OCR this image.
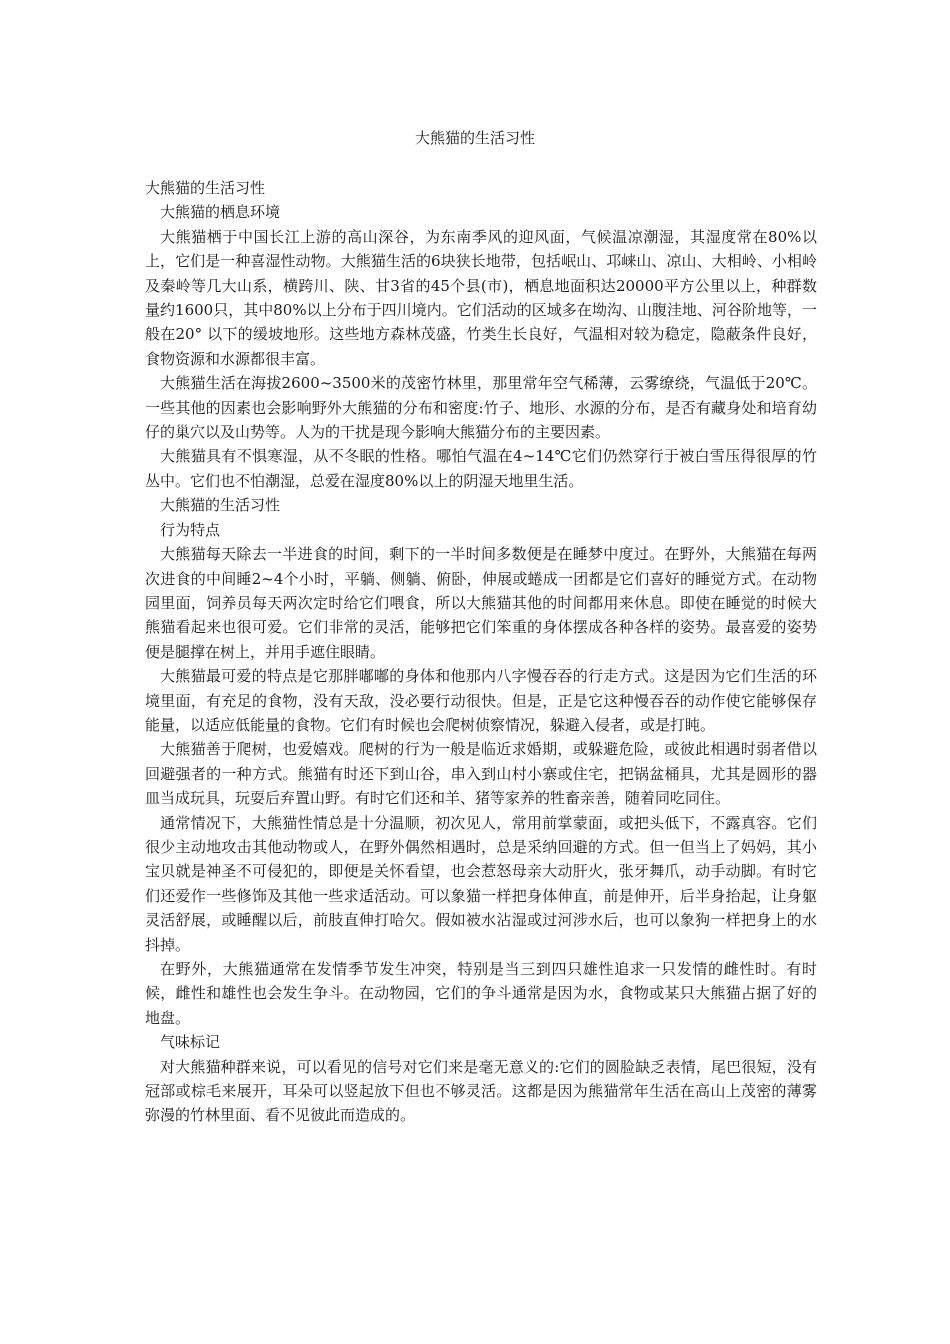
大熊猫的生活习性
大熊猫的生活习性
大熊猫的栖息环境

大熊猫栖于中国长江上游的高山深谷，为东南季风的迎风面，气候温凉潮湿，其湿度常在80%以上，它们是一种喜湿性动物。大熊猫生活的6块狭长地带，包括岷山、邛崃山、凉山、大相岭、小相岭及秦岭等几大山系，横跨川、陕、甘3省的45个县(市)，栖息地面积达20000平方公里以上，种群数量约1600只，其中80%以上分布于四川境内。它们活动的区域多在坳沟、山腹洼地、河谷阶地等，一般在20° 以下的缓坡地形。这些地方森林茂盛，竹类生长良好，气温相对较为稳定，隐蔽条件良好，食物资源和水源都很丰富。

大熊猫生活在海拔2600~3500米的茂密竹林里，那里常年空气稀薄，云雾缭绕，气温低于20℃。一些其他的因素也会影响野外大熊猫的分布和密度:竹子、地形、水源的分布，是否有藏身处和培育幼仔的巢穴以及山势等。人为的干扰是现今影响大熊猫分布的主要因素。

大熊猫具有不惧寒湿，从不冬眠的性格。哪怕气温在4~14℃它们仍然穿行于被白雪压得很厚的竹丛中。它们也不怕潮湿，总爱在湿度80%以上的阴湿天地里生活。

大熊猫的生活习性
行为特点

大熊猫每天除去一半进食的时间，剩下的一半时间多数便是在睡梦中度过。在野外，大熊猫在每两次进食的中间睡2~4个小时，平躺、侧躺、俯卧，伸展或蜷成一团都是它们喜好的睡觉方式。在动物园里面，饲养员每天两次定时给它们喂食，所以大熊猫其他的时间都用来休息。即使在睡觉的时候大熊猫看起来也很可爱。它们非常的灵活，能够把它们笨重的身体摆成各种各样的姿势。最喜爱的姿势便是腿撑在树上，并用手遮住眼睛。

大熊猫最可爱的特点是它那胖嘟嘟的身体和他那内八字慢吞吞的行走方式。这是因为它们生活的环境里面，有充足的食物，没有天敌，没必要行动很快。但是，正是它这种慢吞吞的动作使它能够保存能量，以适应低能量的食物。它们有时候也会爬树侦察情况，躲避入侵者，或是打盹。

大熊猫善于爬树，也爱嬉戏。爬树的行为一般是临近求婚期，或躲避危险，或彼此相遇时弱者借以回避强者的一种方式。熊猫有时还下到山谷，串入到山村小寨或住宅，把锅盆桶具，尤其是圆形的器皿当成玩具，玩耍后弃置山野。有时它们还和羊、猪等家养的牲畜亲善，随着同吃同住。

通常情况下，大熊猫性情总是十分温顺，初次见人，常用前掌蒙面，或把头低下，不露真容。它们很少主动地攻击其他动物或人，在野外偶然相遇时，总是采纳回避的方式。但一但当上了妈妈，其小宝贝就是神圣不可侵犯的，即便是关怀看望，也会惹怒母亲大动肝火，张牙舞爪，动手动脚。有时它们还爱作一些修饰及其他一些求适活动。可以象猫一样把身体伸直，前是伸开，后半身抬起，让身躯灵活舒展，或睡醒以后，前肢直伸打哈欠。假如被水沾湿或过河涉水后，也可以象狗一样把身上的水抖掉。

在野外，大熊猫通常在发情季节发生冲突，特别是当三到四只雄性追求一只发情的雌性时。有时候，雌性和雄性也会发生争斗。在动物园，它们的争斗通常是因为水，食物或某只大熊猫占据了好的地盘。

气味标记

对大熊猫种群来说，可以看见的信号对它们来是毫无意义的:它们的圆脸缺乏表情，尾巴很短，没有冠部或棕毛来展开，耳朵可以竖起放下但也不够灵活。这都是因为熊猫常年生活在高山上茂密的薄雾弥漫的竹林里面、看不见彼此而造成的。
